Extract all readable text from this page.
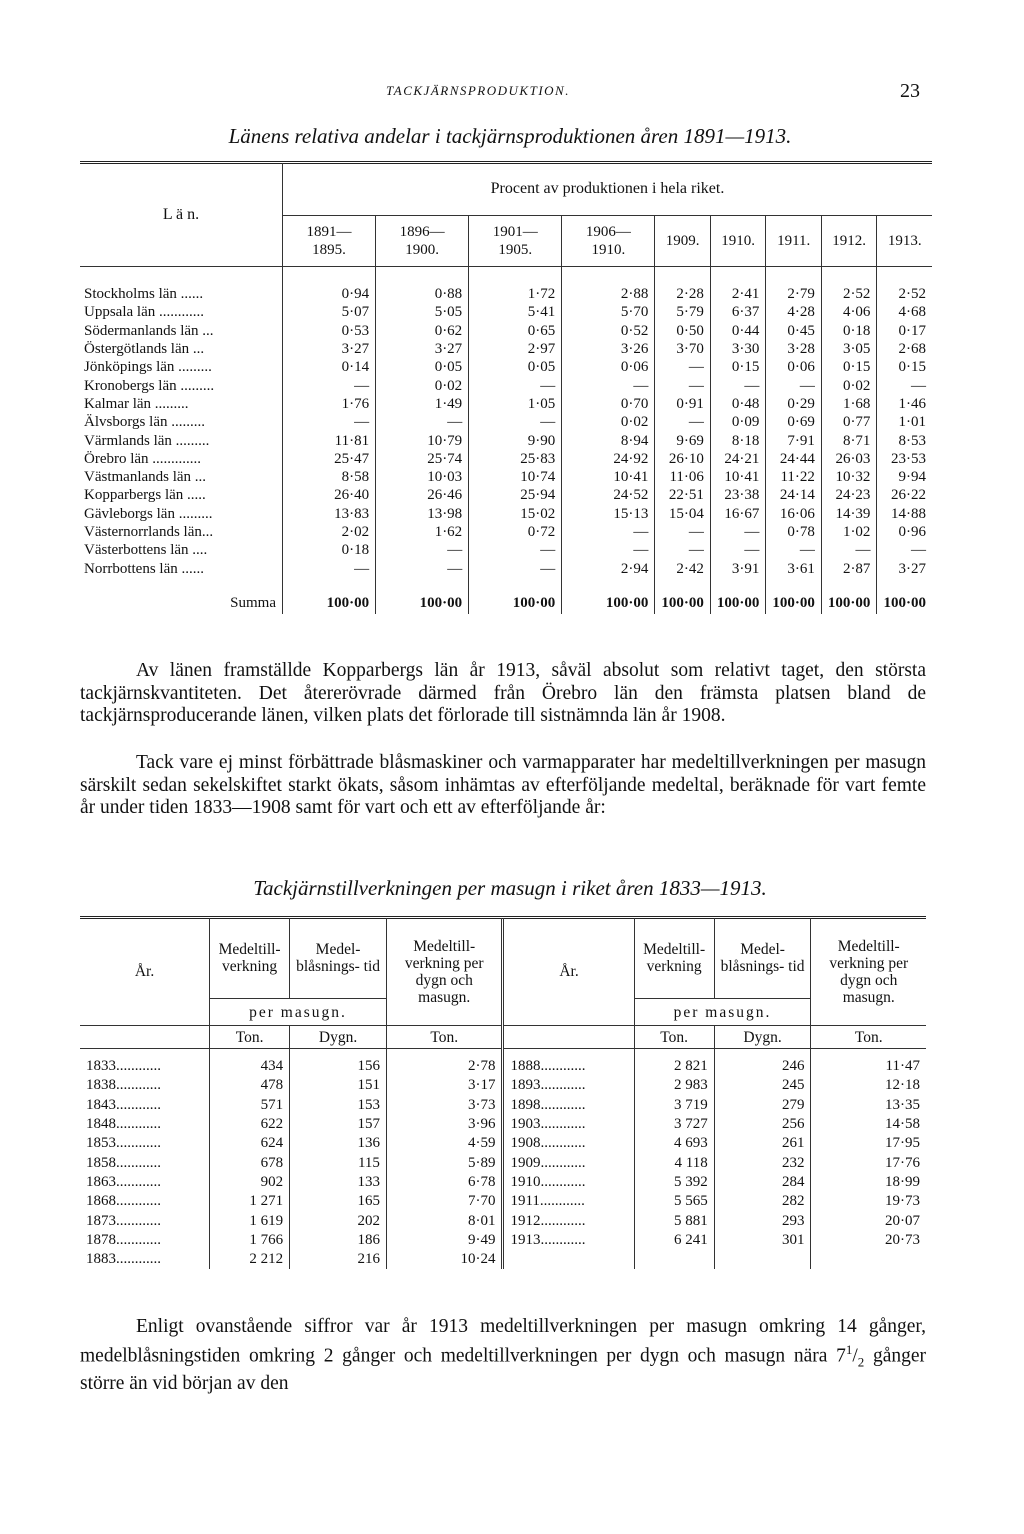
TACKJÄRNSPRODUKTION.	23
Länens relativa andelar i tackjärnsproduktionen åren 1891—1913.
L ä n.	Procent av produktionen i hela riket.								
	1891— 1895.	1896— 1900.	1901— 1905.	1906— 1910.	1909.	1910.	1911.	1912.	1913.
Stockholms län ......	0·94	0·88	1·72	2·88	2·28	2·41	2·79	2·52	2·52
Uppsala län ............	5·07	5·05	5·41	5·70	5·79	6·37	4·28	4·06	4·68
Södermanlands län ...	0·53	0·62	0·65	0·52	0·50	0·44	0·45	0·18	0·17
Östergötlands län ...	3·27	3·27	2·97	3·26	3·70	3·30	3·28	3·05	2·68
Jönköpings län .........	0·14	0·05	0·05	0·06	—	0·15	0·06	0·15	0·15
Kronobergs län .........	—	0·02	—	—	—	—	—	0·02	—
Kalmar län .........	1·76	1·49	1·05	0·70	0·91	0·48	0·29	1·68	1·46
Älvsborgs län .........	—	—	—	0·02	—	0·09	0·69	0·77	1·01
Värmlands län .........	11·81	10·79	9·90	8·94	9·69	8·18	7·91	8·71	8·53
Örebro län .............	25·47	25·74	25·83	24·92	26·10	24·21	24·44	26·03	23·53
Västmanlands län ...	8·58	10·03	10·74	10·41	11·06	10·41	11·22	10·32	9·94
Kopparbergs län .....	26·40	26·46	25·94	24·52	22·51	23·38	24·14	24·23	26·22
Gävleborgs län .........	13·83	13·98	15·02	15·13	15·04	16·67	16·06	14·39	14·88
Västernorrlands län...	2·02	1·62	0·72	—	—	—	0·78	1·02	0·96
Västerbottens län ....	0·18	—	—	—	—	—	—	—	—
Norrbottens län ......	—	—	—	2·94	2·42	3·91	3·61	2·87	3·27
Summa	100·00	100·00	100·00	100·00	100·00	100·00	100·00	100·00	100·00
Av länen framställde Kopparbergs län år 1913, såväl absolut som relativt taget, den största tackjärnskvantiteten. Det återerövrade därmed från Örebro län den främsta platsen bland de tackjärnsproducerande länen, vilken plats det förlorade till sistnämnda län år 1908.
Tack vare ej minst förbättrade blåsmaskiner och varmapparater har medeltillverkningen per masugn särskilt sedan sekelskiftet starkt ökats, såsom inhämtas av efterföljande medeltal, beräknade för vart femte år under tiden 1833—1908 samt för vart och ett av efterföljande år:
Tackjärnstillverkningen per masugn i riket åren 1833—1913.
År.	Medeltill- verkning	Medel- blåsnings- tid	Medeltill- verkning per dygn och masugn.	År.	Medeltill- verkning	Medel- blåsnings- tid	Medeltill- verkning per dygn och masugn.
	per masugn.				per masugn.		
	Ton.	Dygn.	Ton.		Ton.	Dygn.	Ton.
1833............	434	156	2·78	1888............	2 821	246	11·47
1838............	478	151	3·17	1893............	2 983	245	12·18
1843............	571	153	3·73	1898............	3 719	279	13·35
1848............	622	157	3·96	1903............	3 727	256	14·58
1853............	624	136	4·59	1908............	4 693	261	17·95
1858............	678	115	5·89	1909............	4 118	232	17·76
1863............	902	133	6·78	1910............	5 392	284	18·99
1868............	1 271	165	7·70	1911............	5 565	282	19·73
1873............	1 619	202	8·01	1912............	5 881	293	20·07
1878............	1 766	186	9·49	1913............	6 241	301	20·73
1883............	2 212	216	10·24				
Enligt ovanstående siffror var år 1913 medeltillverkningen per masugn omkring 14 gånger, medelblåsningstiden omkring 2 gånger och medeltillverkningen per dygn och masugn nära $7^1/_2$ gånger större än vid början av den
